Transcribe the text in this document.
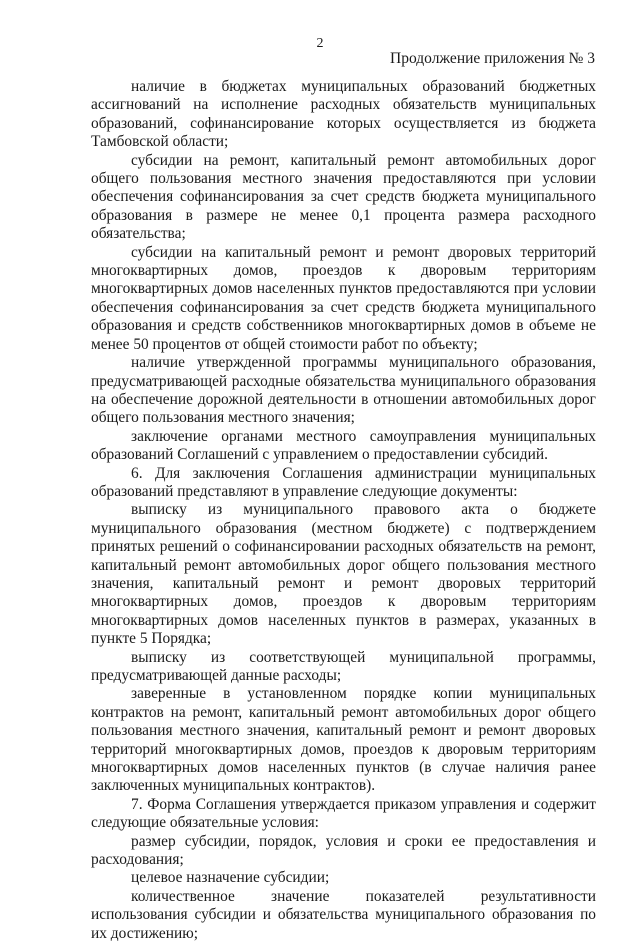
2
Продолжение приложения № 3

наличие в бюджетах муниципальных образований бюджетных ассигнований на исполнение расходных обязательств муниципальных образований, софинансирование которых осуществляется из бюджета Тамбовской области;

субсидии на ремонт, капитальный ремонт автомобильных дорог общего пользования местного значения предоставляются при условии обеспечения софинансирования за счет средств бюджета муниципального образования в размере не менее 0,1 процента размера расходного обязательства;

субсидии на капитальный ремонт и ремонт дворовых территорий многоквартирных домов, проездов к дворовым территориям многоквартирных домов населенных пунктов предоставляются при условии обеспечения софинансирования за счет средств бюджета муниципального образования и средств собственников многоквартирных домов в объеме не менее 50 процентов от общей стоимости работ по объекту;

наличие утвержденной программы муниципального образования, предусматривающей расходные обязательства муниципального образования на обеспечение дорожной деятельности в отношении автомобильных дорог общего пользования местного значения;

заключение органами местного самоуправления муниципальных образований Соглашений с управлением о предоставлении субсидий.

6. Для заключения Соглашения администрации муниципальных образований представляют в управление следующие документы:

выписку из муниципального правового акта о бюджете муниципального образования (местном бюджете) с подтверждением принятых решений о софинансировании расходных обязательств на ремонт, капитальный ремонт автомобильных дорог общего пользования местного значения, капитальный ремонт и ремонт дворовых территорий многоквартирных домов, проездов к дворовым территориям многоквартирных домов населенных пунктов в размерах, указанных в пункте 5 Порядка;

выписку из соответствующей муниципальной программы, предусматривающей данные расходы;

заверенные в установленном порядке копии муниципальных контрактов на ремонт, капитальный ремонт автомобильных дорог общего пользования местного значения, капитальный ремонт и ремонт дворовых территорий многоквартирных домов, проездов к дворовым территориям многоквартирных домов населенных пунктов (в случае наличия ранее заключенных муниципальных контрактов).

7. Форма Соглашения утверждается приказом управления и содержит следующие обязательные условия:

размер субсидии, порядок, условия и сроки ее предоставления и расходования;

целевое назначение субсидии;

количественное значение показателей результативности использования субсидии и обязательства муниципального образования по их достижению;
